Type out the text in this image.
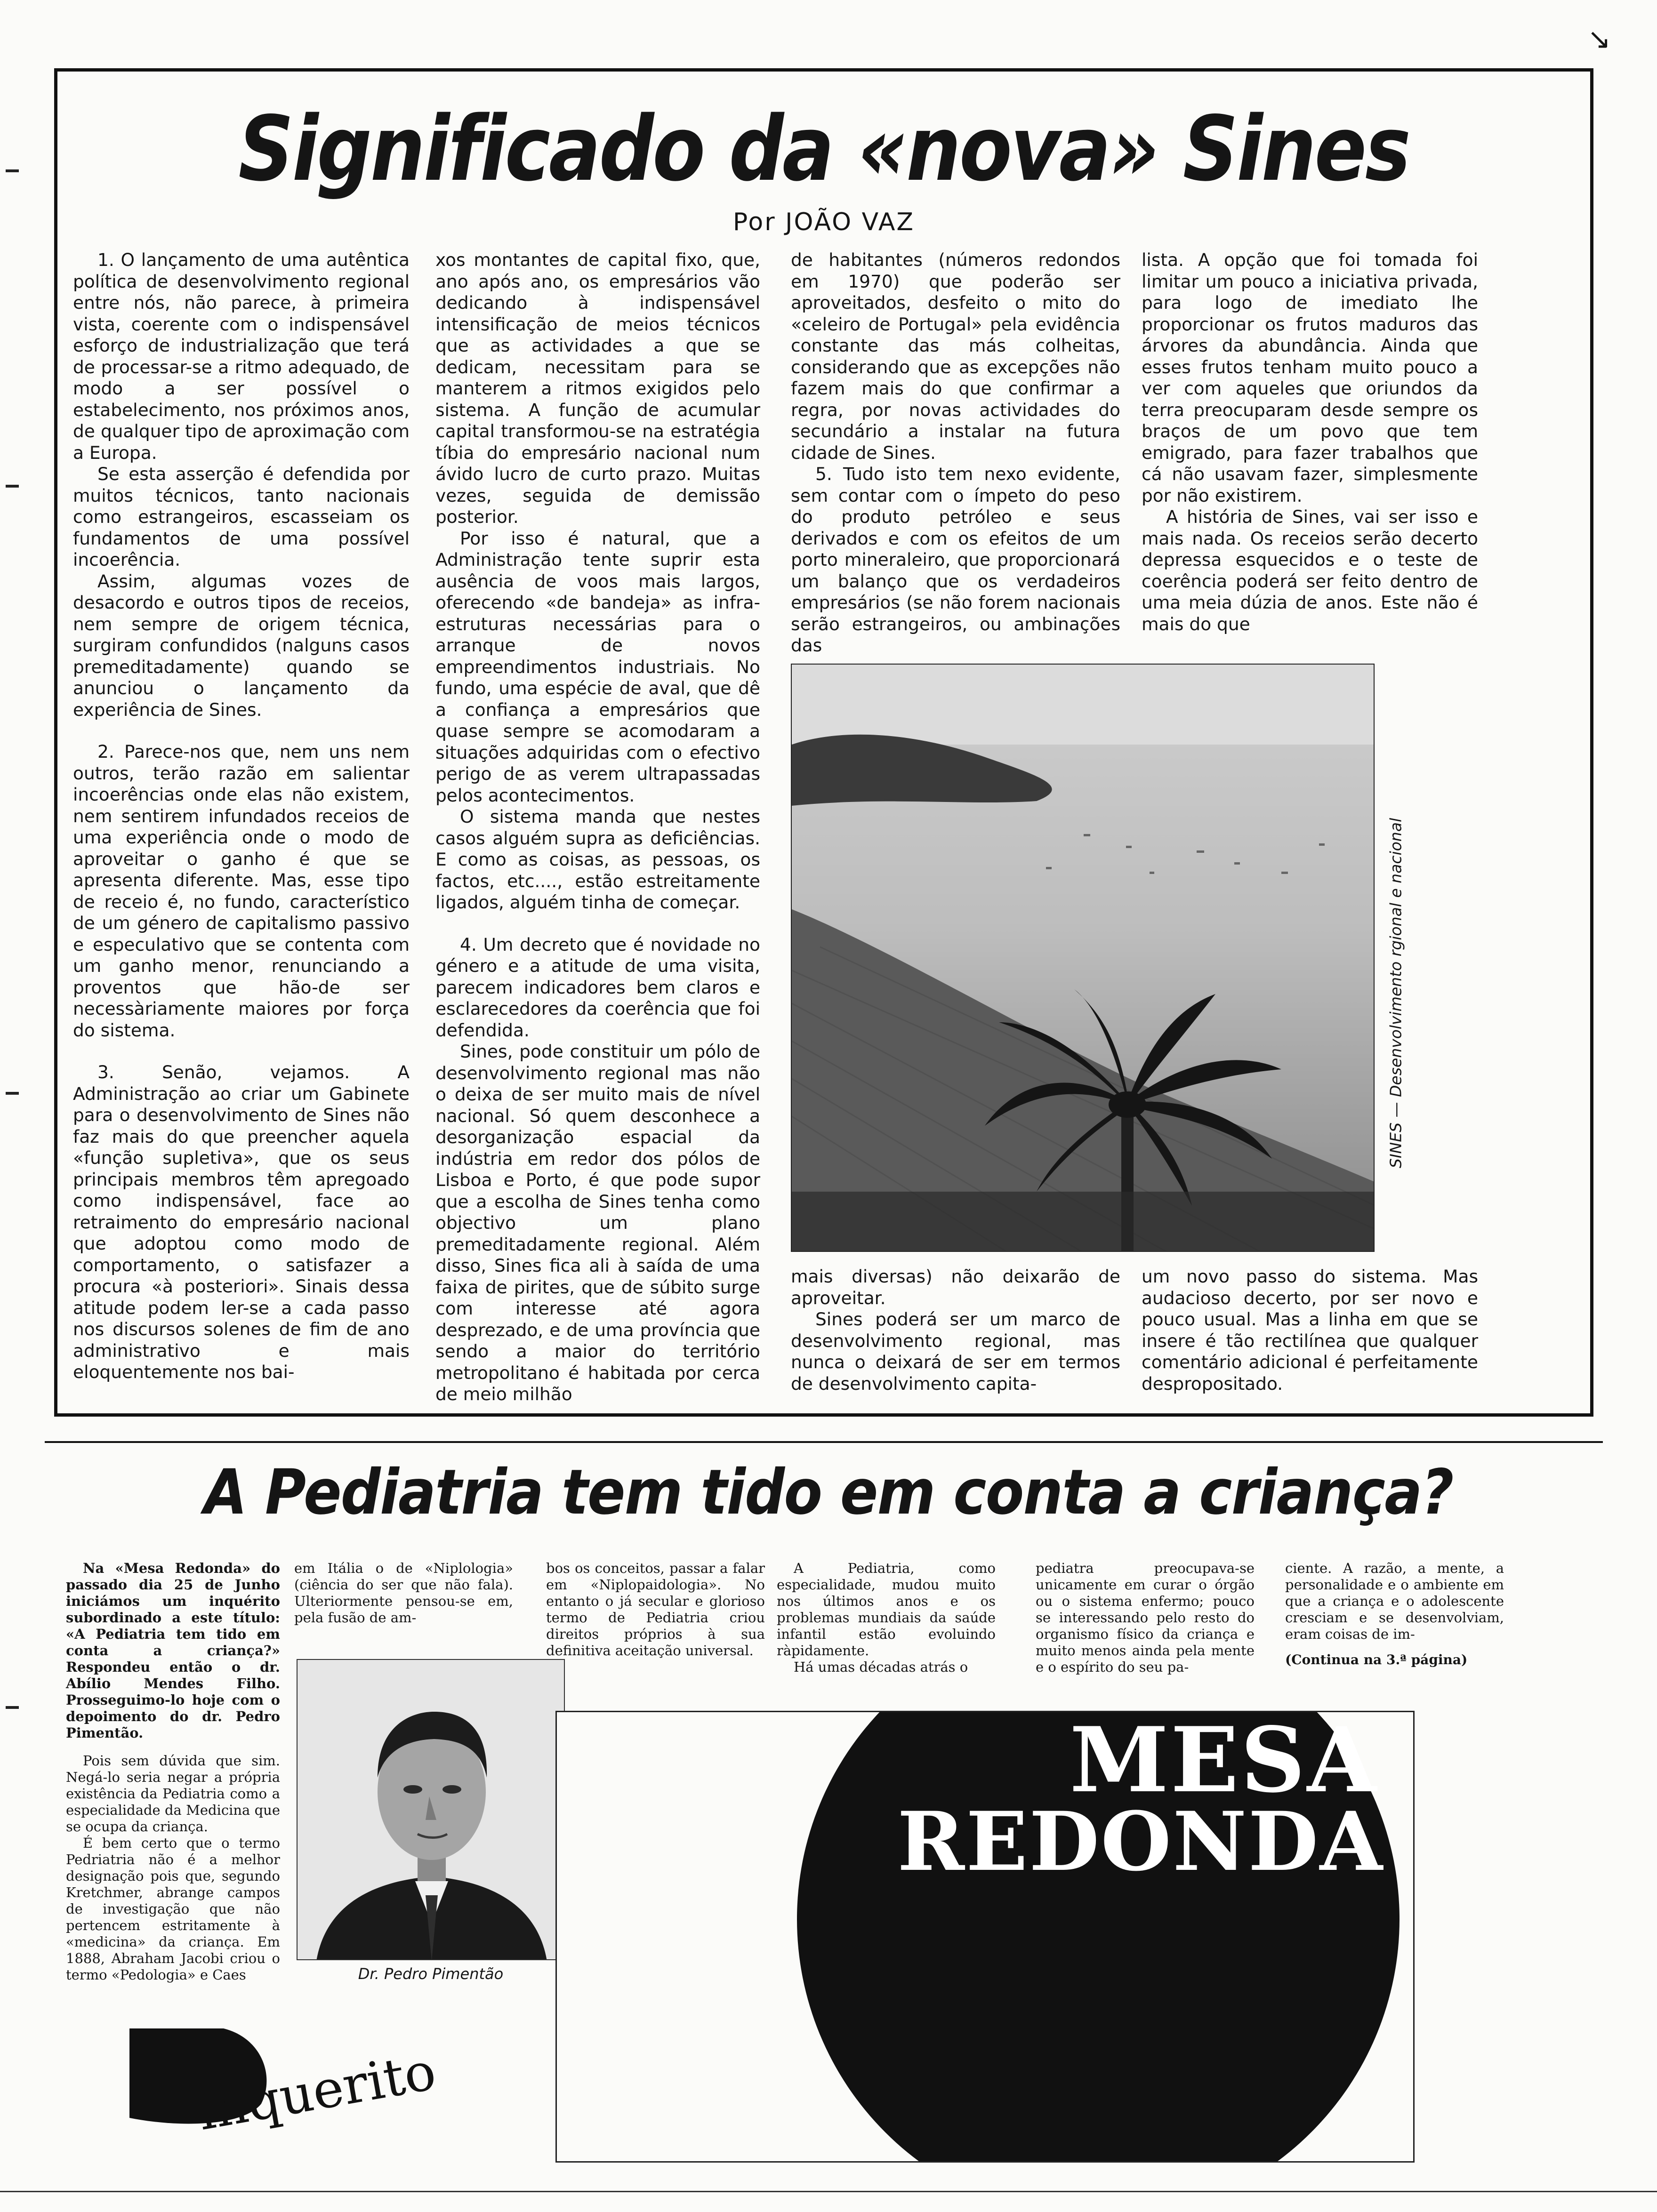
↘
Significado da «nova» Sines
Por JOÃO VAZ

1. O lançamento de uma autêntica política de desenvolvimento regional entre nós, não parece, à primeira vista, coerente com o indispensável esforço de industrialização que terá de processar-se a ritmo adequado, de modo a ser possível o estabelecimento, nos próximos anos, de qualquer tipo de aproximação com a Europa.

Se esta asserção é defendida por muitos técnicos, tanto nacionais como estrangeiros, escasseiam os fundamentos de uma possível incoerência.

Assim, algumas vozes de desacordo e outros tipos de receios, nem sempre de origem técnica, surgiram confundidos (nalguns casos premeditadamente) quando se anunciou o lançamento da experiência de Sines.

2. Parece-nos que, nem uns nem outros, terão razão em salientar incoerências onde elas não existem, nem sentirem infundados receios de uma experiência onde o modo de aproveitar o ganho é que se apresenta diferente. Mas, esse tipo de receio é, no fundo, característico de um género de capitalismo passivo e especulativo que se contenta com um ganho menor, renunciando a proventos que hão-de ser necessàriamente maiores por força do sistema.

3. Senão, vejamos. A Administração ao criar um Gabinete para o desenvolvimento de Sines não faz mais do que preencher aquela «função supletiva», que os seus principais membros têm apregoado como indispensável, face ao retraimento do empresário nacional que adoptou como modo de comportamento, o satisfazer a procura «à posteriori». Sinais dessa atitude podem ler-se a cada passo nos discursos solenes de fim de ano administrativo e mais eloquentemente nos bai-

xos montantes de capital fixo, que, ano após ano, os empresários vão dedicando à indispensável intensificação de meios técnicos que as actividades a que se dedicam, necessitam para se manterem a ritmos exigidos pelo sistema. A função de acumular capital transformou-se na estratégia tíbia do empresário nacional num ávido lucro de curto prazo. Muitas vezes, seguida de demissão posterior.

Por isso é natural, que a Administração tente suprir esta ausência de voos mais largos, oferecendo «de bandeja» as infra-estruturas necessárias para o arranque de novos empreendimentos industriais. No fundo, uma espécie de aval, que dê a confiança a empresários que quase sempre se acomodaram a situações adquiridas com o efectivo perigo de as verem ultrapassadas pelos acontecimentos.

O sistema manda que nestes casos alguém supra as deficiências. E como as coisas, as pessoas, os factos, etc...., estão estreitamente ligados, alguém tinha de começar.

4. Um decreto que é novidade no género e a atitude de uma visita, parecem indicadores bem claros e esclarecedores da coerência que foi defendida.

Sines, pode constituir um pólo de desenvolvimento regional mas não o deixa de ser muito mais de nível nacional. Só quem desconhece a desorganização espacial da indústria em redor dos pólos de Lisboa e Porto, é que pode supor que a escolha de Sines tenha como objectivo um plano premeditadamente regional. Além disso, Sines fica ali à saída de uma faixa de pirites, que de súbito surge com interesse até agora desprezado, e de uma província que sendo a maior do território metropolitano é habitada por cerca de meio milhão

de habitantes (números redondos em 1970) que poderão ser aproveitados, desfeito o mito do «celeiro de Portugal» pela evidência constante das más colheitas, considerando que as excepções não fazem mais do que confirmar a regra, por novas actividades do secundário a instalar na futura cidade de Sines.

5. Tudo isto tem nexo evidente, sem contar com o ímpeto do peso do produto petróleo e seus derivados e com os efeitos de um porto mineraleiro, que proporcionará um balanço que os verdadeiros empresários (se não forem nacionais serão estrangeiros, ou ambinações das

lista. A opção que foi tomada foi limitar um pouco a iniciativa privada, para logo de imediato lhe proporcionar os frutos maduros das árvores da abundância. Ainda que esses frutos tenham muito pouco a ver com aqueles que oriundos da terra preocuparam desde sempre os braços de um povo que tem emigrado, para fazer trabalhos que cá não usavam fazer, simplesmente por não existirem.

A história de Sines, vai ser isso e mais nada. Os receios serão decerto depressa esquecidos e o teste de coerência poderá ser feito dentro de uma meia dúzia de anos. Este não é mais do que

SINES — Desenvolvimento rgional e nacional

mais diversas) não deixarão de aproveitar.

Sines poderá ser um marco de desenvolvimento regional, mas nunca o deixará de ser em termos de desenvolvimento capita-

um novo passo do sistema. Mas audacioso decerto, por ser novo e pouco usual. Mas a linha em que se insere é tão rectilínea que qualquer comentário adicional é perfeitamente despropositado.

A Pediatria tem tido em conta a criança?

Na «Mesa Redonda» do passado dia 25 de Junho iniciámos um inquérito subordinado a este título: «A Pediatria tem tido em conta a criança?» Respondeu então o dr. Abílio Mendes Filho. Prosseguimo-lo hoje com o depoimento do dr. Pedro Pimentão.

Pois sem dúvida que sim. Negá-lo seria negar a própria existência da Pediatria como a especialidade da Medicina que se ocupa da criança.

É bem certo que o termo Pedriatria não é a melhor designação pois que, segundo Kretchmer, abrange campos de investigação que não pertencem estritamente à «medicina» da criança. Em 1888, Abraham Jacobi criou o termo «Pedologia» e Caes

em Itália o de «Niplologia» (ciência do ser que não fala). Ulteriormente pensou-se em, pela fusão de am-

bos os conceitos, passar a falar em «Niplopaidologia». No entanto o já secular e glorioso termo de Pediatria criou direitos próprios à sua definitiva aceitação universal.

A Pediatria, como especialidade, mudou muito nos últimos anos e os problemas mundiais da saúde infantil estão evoluindo ràpidamente.

Há umas décadas atrás o

pediatra preocupava-se unicamente em curar o órgão ou o sistema enfermo; pouco se interessando pelo resto do organismo físico da criança e muito menos ainda pela mente e o espírito do seu pa-

ciente. A razão, a mente, a personalidade e o ambiente em que a criança e o adolescente cresciam e se desenvolviam, eram coisas de im-

(Continua na 3.ª página)
Dr. Pedro Pimentão
MESA
REDONDA
inquerito
